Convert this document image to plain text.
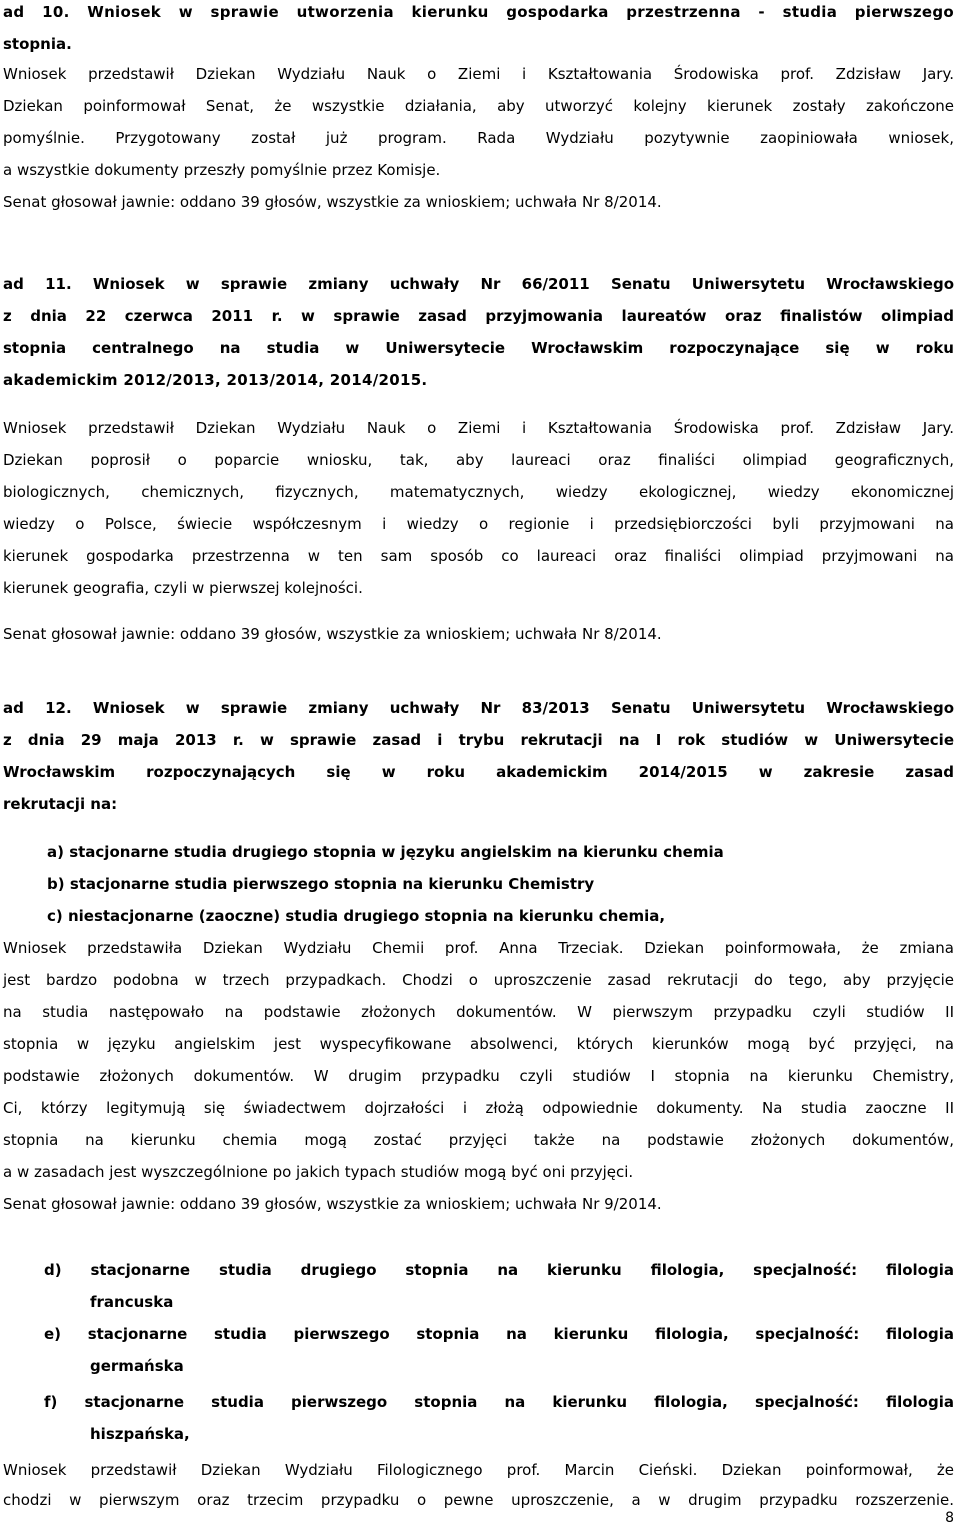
ad 10. Wniosek w sprawie utworzenia kierunku gospodarka przestrzenna - studia pierwszego

stopnia.

Wniosek przedstawił Dziekan Wydziału Nauk o Ziemi i Kształtowania Środowiska prof. Zdzisław Jary.

Dziekan poinformował Senat, że wszystkie działania, aby utworzyć kolejny kierunek zostały zakończone

pomyślnie. Przygotowany został już program. Rada Wydziału pozytywnie zaopiniowała wniosek,

a wszystkie dokumenty przeszły pomyślnie przez Komisje.

Senat głosował jawnie: oddano 39 głosów, wszystkie za wnioskiem; uchwała Nr 8/2014.

ad 11. Wniosek w sprawie zmiany uchwały Nr 66/2011 Senatu Uniwersytetu Wrocławskiego

z dnia 22 czerwca 2011 r. w sprawie zasad przyjmowania laureatów oraz finalistów olimpiad

stopnia centralnego na studia w Uniwersytecie Wrocławskim rozpoczynające się w roku

akademickim 2012/2013, 2013/2014, 2014/2015.

Wniosek przedstawił Dziekan Wydziału Nauk o Ziemi i Kształtowania Środowiska prof. Zdzisław Jary.

Dziekan poprosił o poparcie wniosku, tak, aby laureaci oraz finaliści olimpiad geograficznych,

biologicznych, chemicznych, fizycznych, matematycznych, wiedzy ekologicznej, wiedzy ekonomicznej

wiedzy o Polsce, świecie współczesnym i wiedzy o regionie i przedsiębiorczości byli przyjmowani na

kierunek gospodarka przestrzenna w ten sam sposób co laureaci oraz finaliści olimpiad przyjmowani na

kierunek geografia, czyli w pierwszej kolejności.

Senat głosował jawnie: oddano 39 głosów, wszystkie za wnioskiem; uchwała Nr 8/2014.

ad 12. Wniosek w sprawie zmiany uchwały Nr 83/2013 Senatu Uniwersytetu Wrocławskiego

z dnia 29 maja 2013 r. w sprawie zasad i trybu rekrutacji na I rok studiów w Uniwersytecie

Wrocławskim rozpoczynających się w roku akademickim 2014/2015 w zakresie zasad

rekrutacji na:

a) stacjonarne studia drugiego stopnia w języku angielskim na kierunku chemia

b) stacjonarne studia pierwszego stopnia na kierunku Chemistry

c) niestacjonarne (zaoczne) studia drugiego stopnia na kierunku chemia,

Wniosek przedstawiła Dziekan Wydziału Chemii prof. Anna Trzeciak. Dziekan poinformowała, że zmiana

jest bardzo podobna w trzech przypadkach. Chodzi o uproszczenie zasad rekrutacji do tego, aby przyjęcie

na studia następowało na podstawie złożonych dokumentów. W pierwszym przypadku czyli studiów II

stopnia w języku angielskim jest wyspecyfikowane absolwenci, których kierunków mogą być przyjęci, na

podstawie złożonych dokumentów. W drugim przypadku czyli studiów I stopnia na kierunku Chemistry,

Ci, którzy legitymują się świadectwem dojrzałości i złożą odpowiednie dokumenty. Na studia zaoczne II

stopnia na kierunku chemia mogą zostać przyjęci także na podstawie złożonych dokumentów,

a w zasadach jest wyszczególnione po jakich typach studiów mogą być oni przyjęci.

Senat głosował jawnie: oddano 39 głosów, wszystkie za wnioskiem; uchwała Nr 9/2014.

d) stacjonarne studia drugiego stopnia na kierunku filologia, specjalność: filologia

francuska

e) stacjonarne studia pierwszego stopnia na kierunku filologia, specjalność: filologia

germańska

f) stacjonarne studia pierwszego stopnia na kierunku filologia, specjalność: filologia

hiszpańska,

Wniosek przedstawił Dziekan Wydziału Filologicznego prof. Marcin Cieński. Dziekan poinformował, że

chodzi w pierwszym oraz trzecim przypadku o pewne uproszczenie, a w drugim przypadku rozszerzenie.

8
